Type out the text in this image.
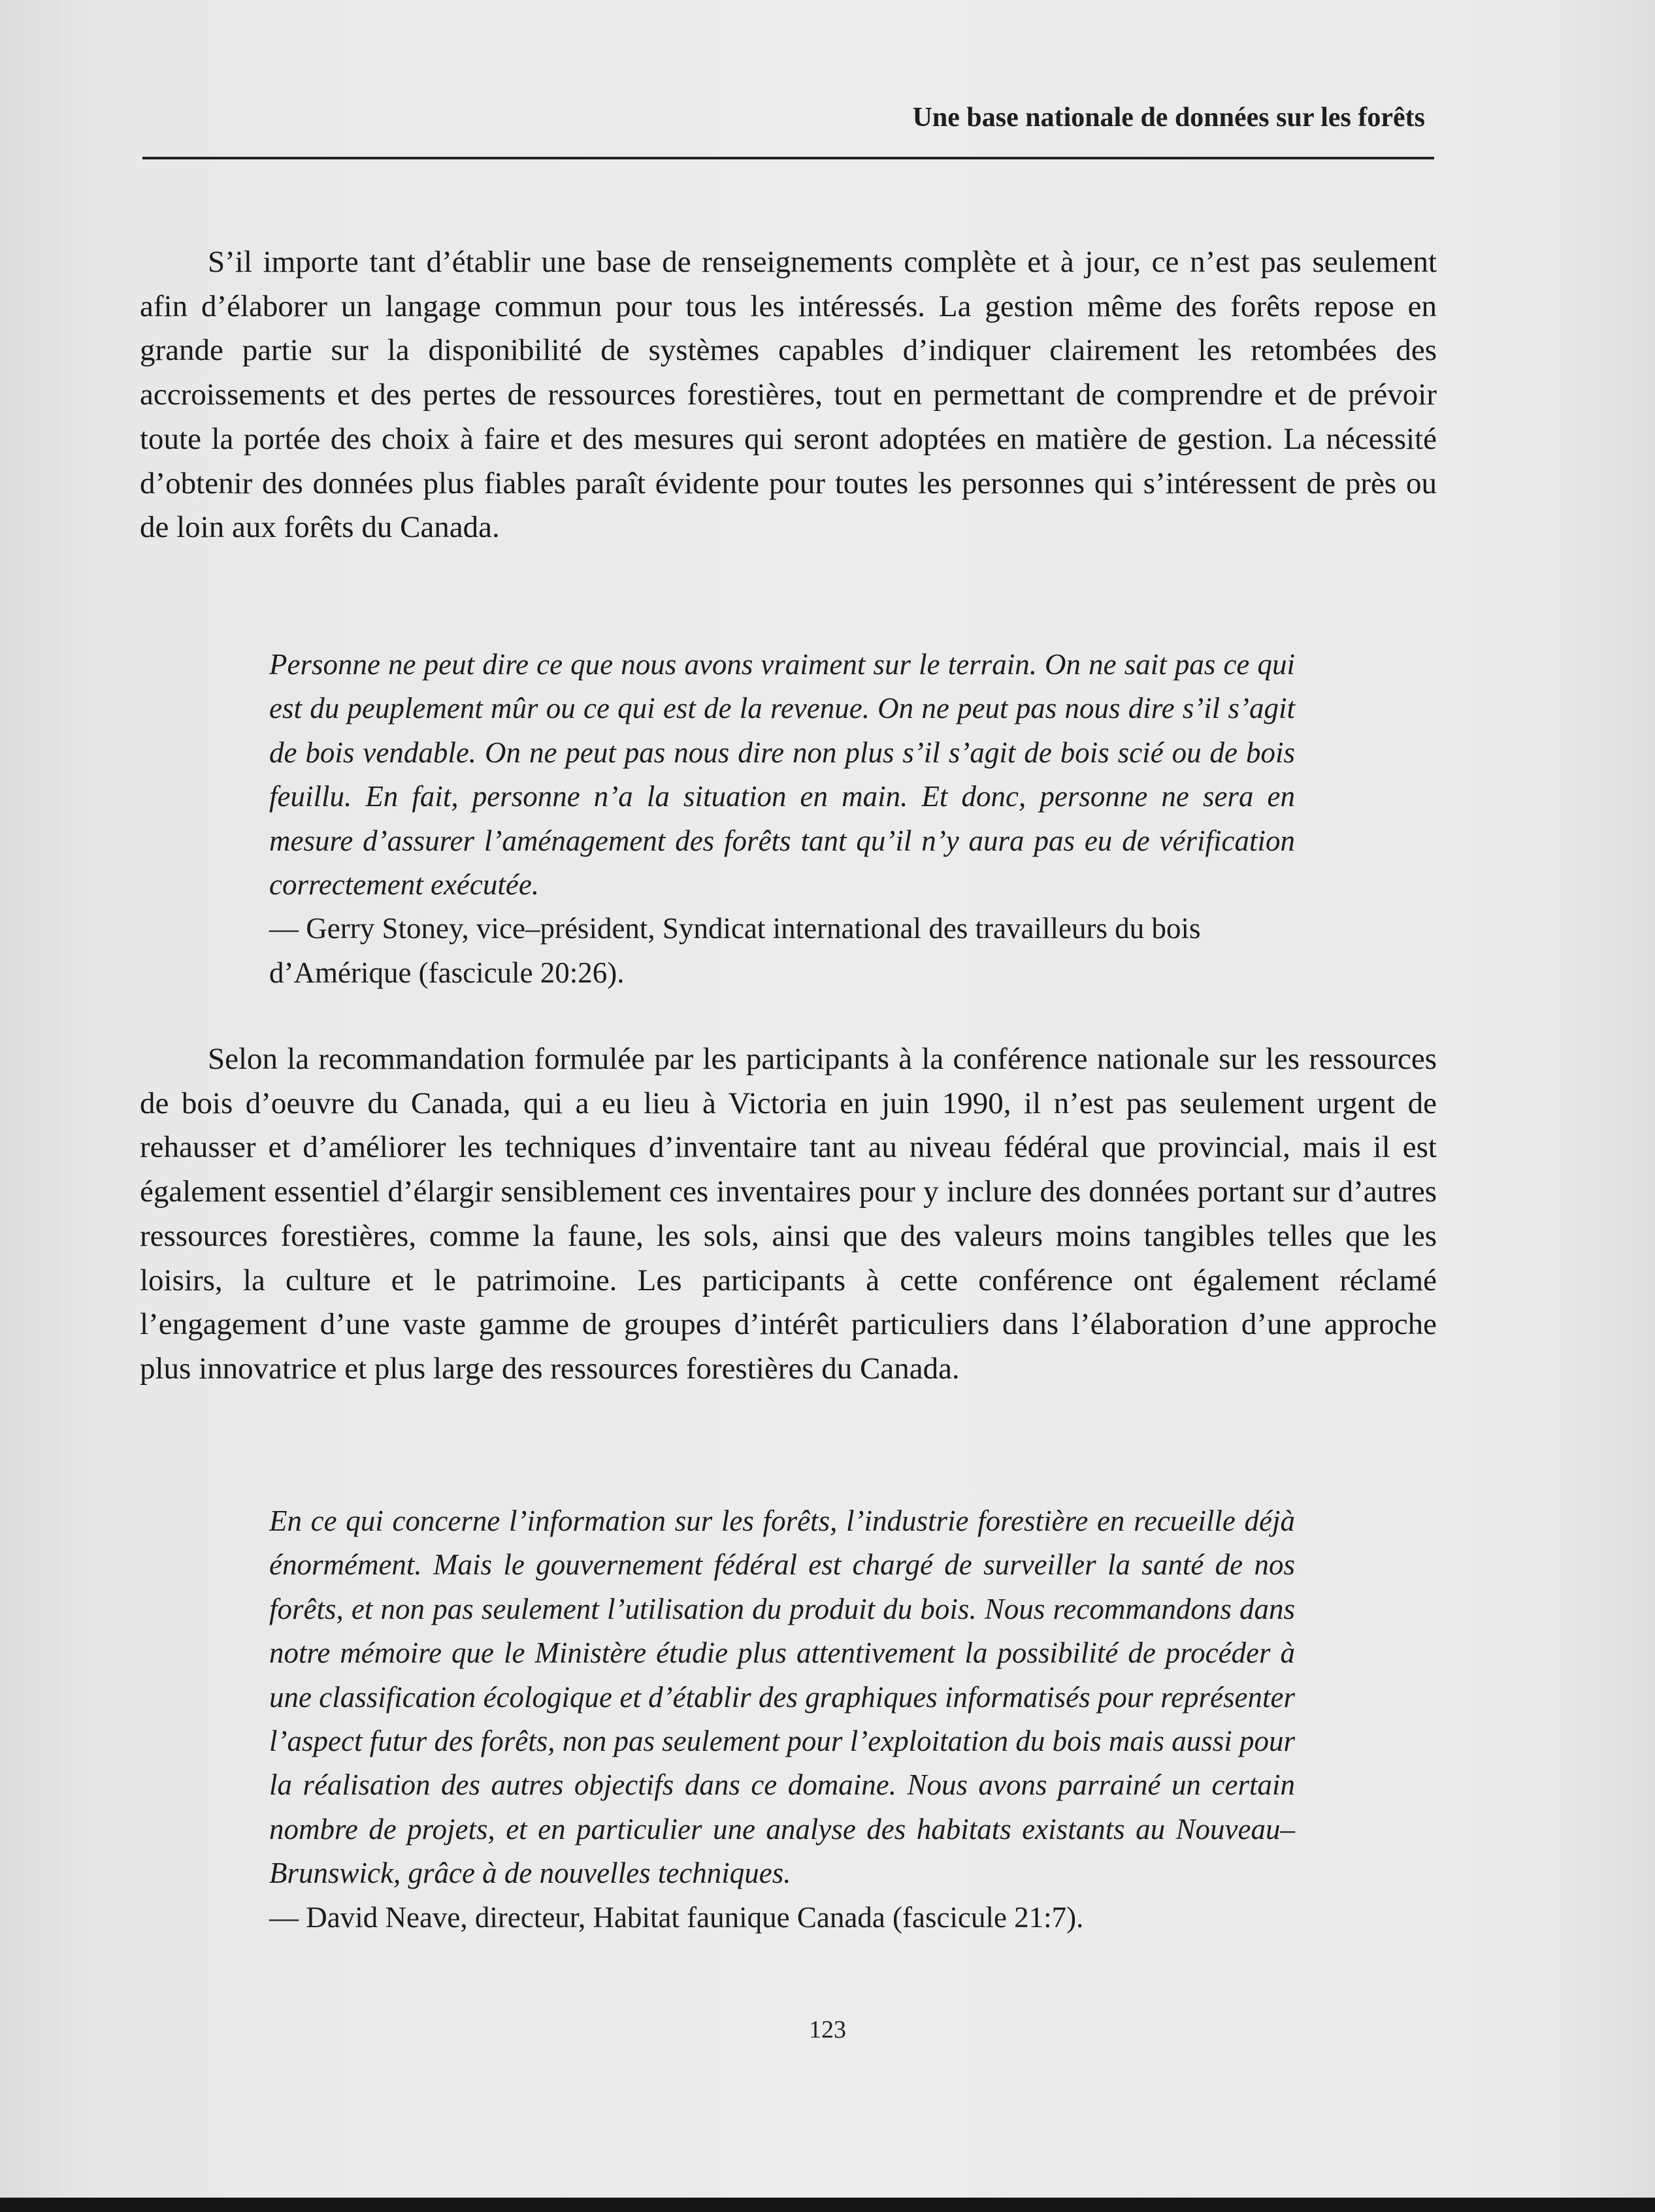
Une base nationale de données sur les forêts

S’il importe tant d’établir une base de renseignements complète et à jour, ce n’est pas seulement afin d’élaborer un langage commun pour tous les intéressés. La gestion même des forêts repose en grande partie sur la disponibilité de systèmes capables d’indiquer clairement les retombées des accroissements et des pertes de ressources forestières, tout en permettant de comprendre et de prévoir toute la portée des choix à faire et des mesures qui seront adoptées en matière de gestion. La nécessité d’obtenir des données plus fiables paraît évidente pour toutes les personnes qui s’intéressent de près ou de loin aux forêts du Canada.

Personne ne peut dire ce que nous avons vraiment sur le terrain. On ne sait pas ce qui est du peuplement mûr ou ce qui est de la revenue. On ne peut pas nous dire s’il s’agit de bois vendable. On ne peut pas nous dire non plus s’il s’agit de bois scié ou de bois feuillu. En fait, personne n’a la situation en main. Et donc, personne ne sera en mesure d’assurer l’aménagement des forêts tant qu’il n’y aura pas eu de vérification correctement exécutée.

— Gerry Stoney, vice–président, Syndicat international des travailleurs du bois d’Amérique (fascicule 20:26).

Selon la recommandation formulée par les participants à la conférence nationale sur les ressources de bois d’oeuvre du Canada, qui a eu lieu à Victoria en juin 1990, il n’est pas seulement urgent de rehausser et d’améliorer les techniques d’inventaire tant au niveau fédéral que provincial, mais il est également essentiel d’élargir sensiblement ces inventaires pour y inclure des données portant sur d’autres ressources forestières, comme la faune, les sols, ainsi que des valeurs moins tangibles telles que les loisirs, la culture et le patrimoine. Les participants à cette conférence ont également réclamé l’engagement d’une vaste gamme de groupes d’intérêt particuliers dans l’élaboration d’une approche plus innovatrice et plus large des ressources forestières du Canada.

En ce qui concerne l’information sur les forêts, l’industrie forestière en recueille déjà énormément. Mais le gouvernement fédéral est chargé de surveiller la santé de nos forêts, et non pas seulement l’utilisation du produit du bois. Nous recommandons dans notre mémoire que le Ministère étudie plus attentivement la possibilité de procéder à une classification écologique et d’établir des graphiques informatisés pour représenter l’aspect futur des forêts, non pas seulement pour l’exploitation du bois mais aussi pour la réalisation des autres objectifs dans ce domaine. Nous avons parrainé un certain nombre de projets, et en particulier une analyse des habitats existants au Nouveau–Brunswick, grâce à de nouvelles techniques.

— David Neave, directeur, Habitat faunique Canada (fascicule 21:7).

123
